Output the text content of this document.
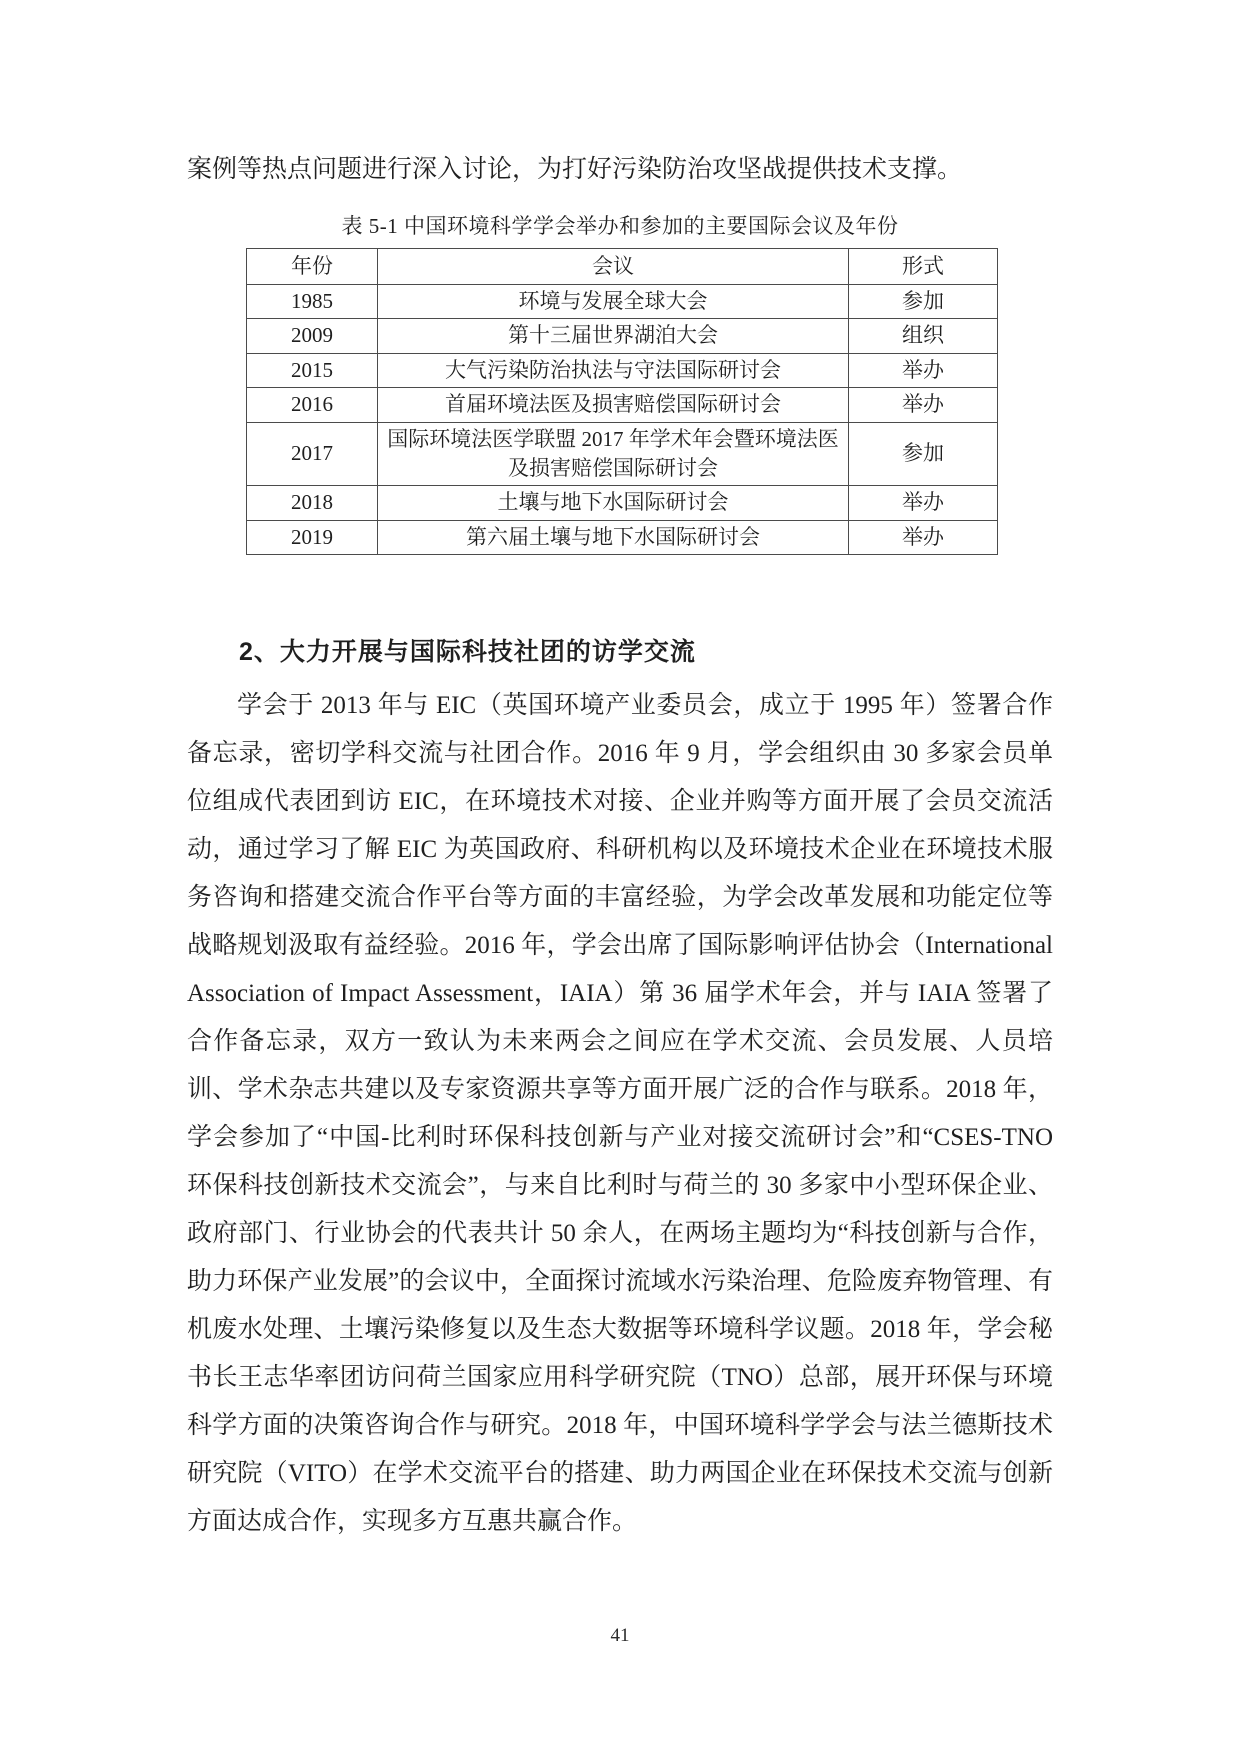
案例等热点问题进行深入讨论，为打好污染防治攻坚战提供技术支撑。

表 5-1 中国环境科学学会举办和参加的主要国际会议及年份

年份	会议	形式
1985	环境与发展全球大会	参加
2009	第十三届世界湖泊大会	组织
2015	大气污染防治执法与守法国际研讨会	举办
2016	首届环境法医及损害赔偿国际研讨会	举办
2017	国际环境法医学联盟 2017 年学术年会暨环境法医及损害赔偿国际研讨会	参加
2018	土壤与地下水国际研讨会	举办
2019	第六届土壤与地下水国际研讨会	举办
2、大力开展与国际科技社团的访学交流

学会于 2013 年与 EIC（英国环境产业委员会，成立于 1995 年）签署合作备忘录，密切学科交流与社团合作。2016 年 9 月，学会组织由 30 多家会员单位组成代表团到访 EIC，在环境技术对接、企业并购等方面开展了会员交流活动，通过学习了解 EIC 为英国政府、科研机构以及环境技术企业在环境技术服务咨询和搭建交流合作平台等方面的丰富经验，为学会改革发展和功能定位等战略规划汲取有益经验。2016 年，学会出席了国际影响评估协会（International Association of Impact Assessment，IAIA）第 36 届学术年会，并与 IAIA 签署了合作备忘录，双方一致认为未来两会之间应在学术交流、会员发展、人员培训、学术杂志共建以及专家资源共享等方面开展广泛的合作与联系。2018 年，学会参加了“中国-比利时环保科技创新与产业对接交流研讨会”和“CSES-TNO 环保科技创新技术交流会”，与来自比利时与荷兰的 30 多家中小型环保企业、政府部门、行业协会的代表共计 50 余人，在两场主题均为“科技创新与合作，助力环保产业发展”的会议中，全面探讨流域水污染治理、危险废弃物管理、有机废水处理、土壤污染修复以及生态大数据等环境科学议题。2018 年，学会秘书长王志华率团访问荷兰国家应用科学研究院（TNO）总部，展开环保与环境科学方面的决策咨询合作与研究。2018 年，中国环境科学学会与法兰德斯技术研究院（VITO）在学术交流平台的搭建、助力两国企业在环保技术交流与创新方面达成合作，实现多方互惠共赢合作。

41
